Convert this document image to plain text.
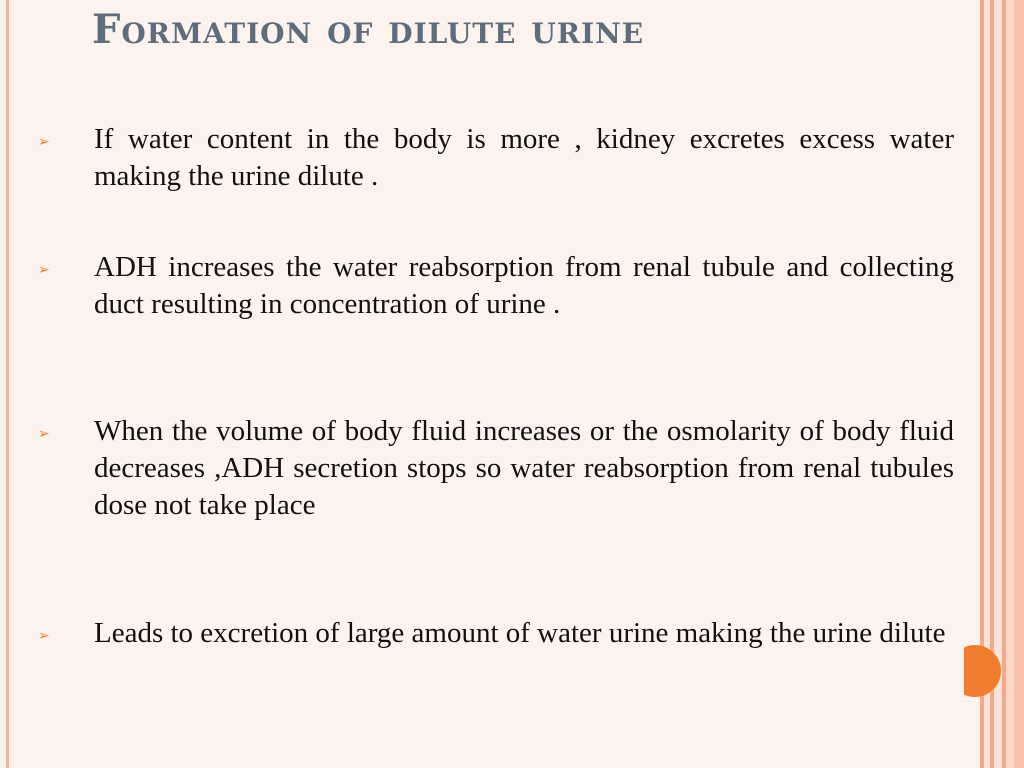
Formation of dilute urine
➢ If water content in the body is more , kidney excretes excess water making the urine dilute .
➢ ADH increases the water reabsorption from renal tubule and collecting duct resulting in concentration of urine .
➢ When the volume of body fluid increases or the osmolarity of body fluid decreases ,ADH secretion stops so water reabsorption from renal tubules dose not take place
➢ Leads to excretion of large amount of water urine making the urine dilute
